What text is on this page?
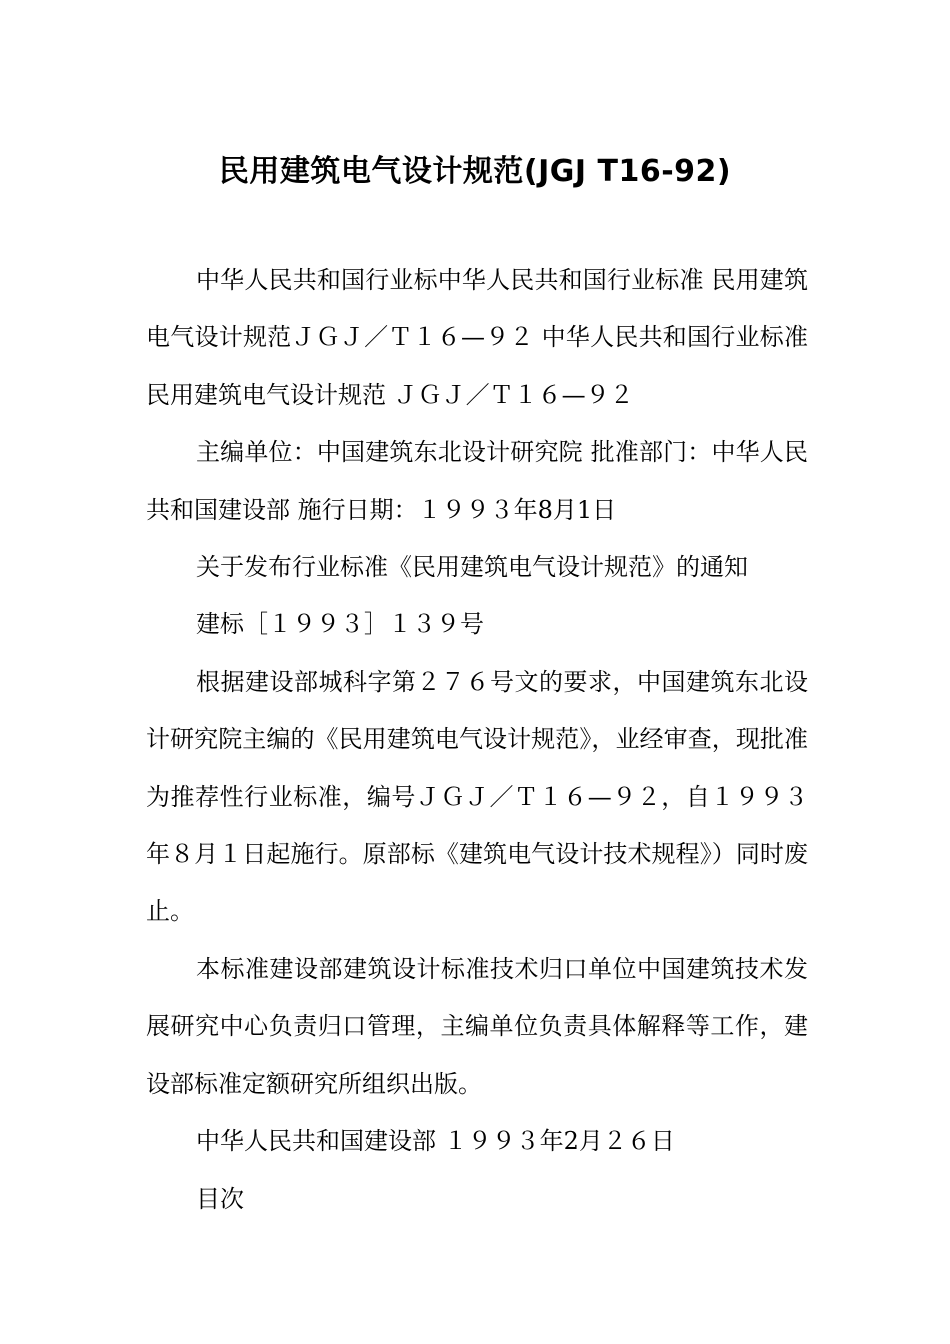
民用建筑电气设计规范(JGJ T16-92)

中华人民共和国行业标中华人民共和国行业标准 民用建筑电气设计规范ＪＧＪ／Ｔ１６—９２ 中华人民共和国行业标准 民用建筑电气设计规范 ＪＧＪ／Ｔ１６—９２

主编单位：中国建筑东北设计研究院 批准部门：中华人民共和国建设部 施行日期：１９９３年8月1日

关于发布行业标准《民用建筑电气设计规范》的通知

建标［１９９３］１３９号

根据建设部城科字第２７６号文的要求，中国建筑东北设计研究院主编的《民用建筑电气设计规范》，业经审查，现批准为推荐性行业标准，编号ＪＧＪ／Ｔ１６—９２，自１９９３年８月１日起施行。原部标《建筑电气设计技术规程》）同时废止。

本标准建设部建筑设计标准技术归口单位中国建筑技术发展研究中心负责归口管理，主编单位负责具体解释等工作，建设部标准定额研究所组织出版。

中华人民共和国建设部 １９９３年2月２６日

目次
